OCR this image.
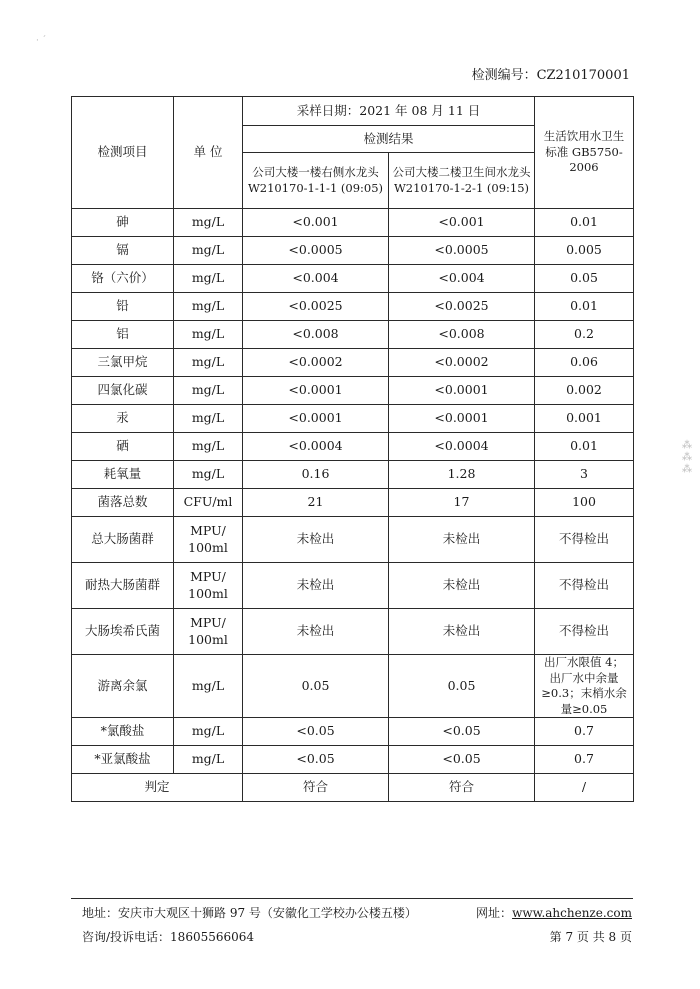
· ˊ
检测编号：CZ210170001
检测项目	单 位	采样日期：2021 年 08 月 11 日		生活饮用水卫生标准 GB5750-2006
		检测结果		
		公司大楼一楼右侧水龙头 W210170-1-1-1 (09:05)	公司大楼二楼卫生间水龙头 W210170-1-2-1 (09:15)	
砷	mg/L	<0.001	<0.001	0.01
镉	mg/L	<0.0005	<0.0005	0.005
铬（六价）	mg/L	<0.004	<0.004	0.05
铅	mg/L	<0.0025	<0.0025	0.01
铝	mg/L	<0.008	<0.008	0.2
三氯甲烷	mg/L	<0.0002	<0.0002	0.06
四氯化碳	mg/L	<0.0001	<0.0001	0.002
汞	mg/L	<0.0001	<0.0001	0.001
硒	mg/L	<0.0004	<0.0004	0.01
耗氧量	mg/L	0.16	1.28	3
菌落总数	CFU/ml	21	17	100
总大肠菌群	MPU/ 100ml	未检出	未检出	不得检出
耐热大肠菌群	MPU/ 100ml	未检出	未检出	不得检出
大肠埃希氏菌	MPU/ 100ml	未检出	未检出	不得检出
游离余氯	mg/L	0.05	0.05	出厂水限值 4；出厂水中余量≥0.3；末梢水余量≥0.05
*氯酸盐	mg/L	<0.05	<0.05	0.7
*亚氯酸盐	mg/L	<0.05	<0.05	0.7
判定		符合	符合	/
地址：安庆市大观区十狮路 97 号（安徽化工学校办公楼五楼）	网址：www.ahchenze.com
咨询/投诉电话：18605566064	第 7 页 共 8 页
⁂
⁂
⁂
